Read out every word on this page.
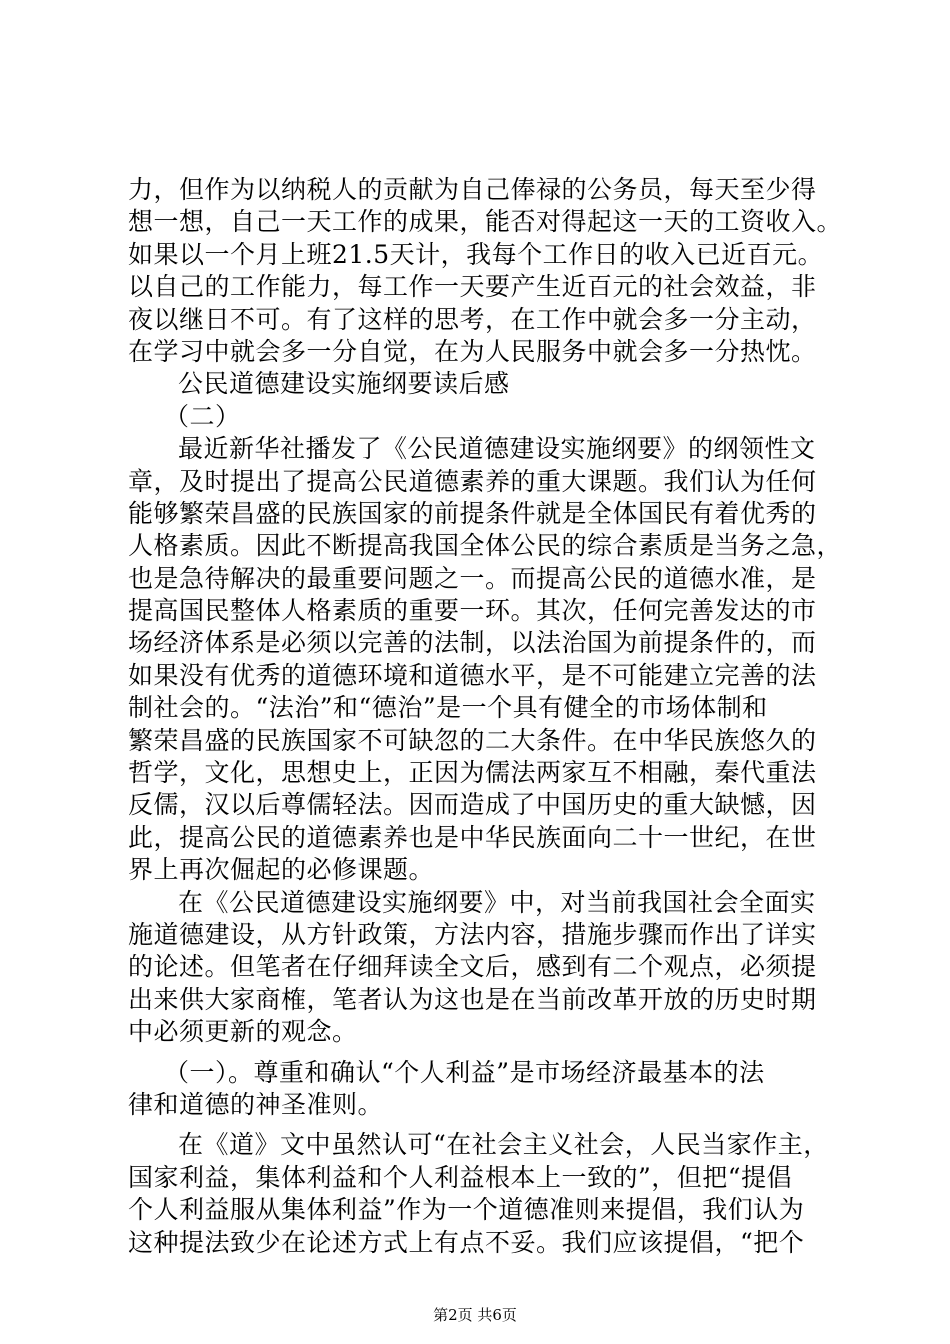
力，但作为以纳税人的贡献为自己俸禄的公务员，每天至少得
想一想，自己一天工作的成果，能否对得起这一天的工资收入。
如果以一个月上班21.5天计，我每个工作日的收入已近百元。
以自己的工作能力，每工作一天要产生近百元的社会效益，非
夜以继日不可。有了这样的思考，在工作中就会多一分主动，
在学习中就会多一分自觉，在为人民服务中就会多一分热忱。
公民道德建设实施纲要读后感
（二）
最近新华社播发了《公民道德建设实施纲要》的纲领性文
章，及时提出了提高公民道德素养的重大课题。我们认为任何
能够繁荣昌盛的民族国家的前提条件就是全体国民有着优秀的
人格素质。因此不断提高我国全体公民的综合素质是当务之急，
也是急待解决的最重要问题之一。而提高公民的道德水准，是
提高国民整体人格素质的重要一环。其次，任何完善发达的市
场经济体系是必须以完善的法制，以法治国为前提条件的，而
如果没有优秀的道德环境和道德水平，是不可能建立完善的法
制社会的。“法治”和“德治”是一个具有健全的市场体制和
繁荣昌盛的民族国家不可缺忽的二大条件。在中华民族悠久的
哲学，文化，思想史上，正因为儒法两家互不相融，秦代重法
反儒，汉以后尊儒轻法。因而造成了中国历史的重大缺憾，因
此，提高公民的道德素养也是中华民族面向二十一世纪，在世
界上再次倔起的必修课题。
在《公民道德建设实施纲要》中，对当前我国社会全面实
施道德建设，从方针政策，方法内容，措施步骤而作出了详实
的论述。但笔者在仔细拜读全文后，感到有二个观点，必须提
出来供大家商榷，笔者认为这也是在当前改革开放的历史时期
中必须更新的观念。
（一）。尊重和确认“个人利益”是市场经济最基本的法
律和道德的神圣准则。
在《道》文中虽然认可“在社会主义社会，人民当家作主，
国家利益，集体利益和个人利益根本上一致的”，但把“提倡
个人利益服从集体利益”作为一个道德准则来提倡，我们认为
这种提法致少在论述方式上有点不妥。我们应该提倡，“把个
第2页 共6页
